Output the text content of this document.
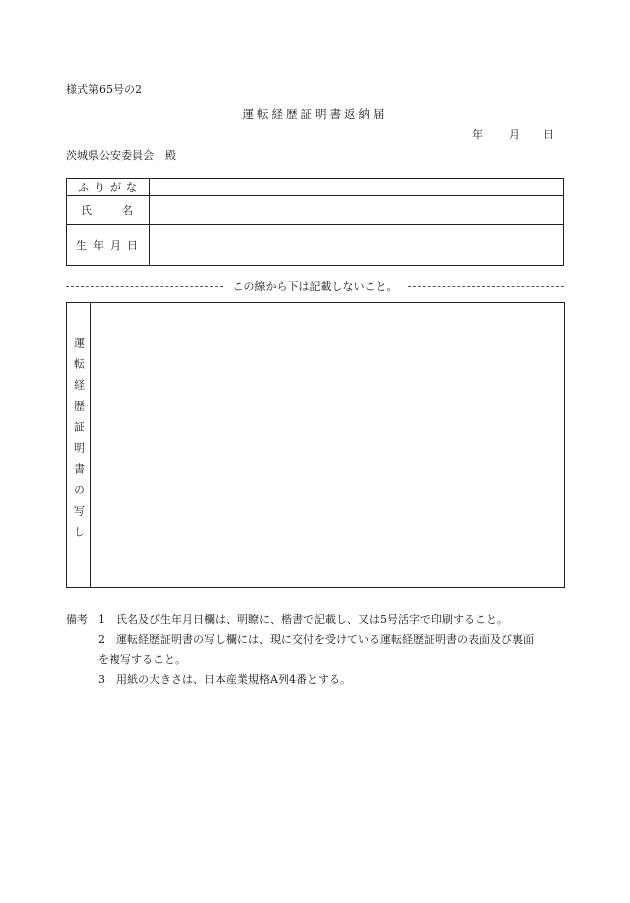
様式第65号の2
運転経歴証明書返納届
年 月 日
茨城県公安委員会　殿
ふりがな	

氏 名	

生年月日	

この線から下は記載しないこと。
運転経歴証明書の写し
備考 1 氏名及び生年月日欄は、明瞭に、楷書で記載し、又は5号活字で印刷すること。
2 運転経歴証明書の写し欄には、現に交付を受けている運転経歴証明書の表面及び裏面
を複写すること。
3 用紙の大きさは、日本産業規格A列4番とする。
